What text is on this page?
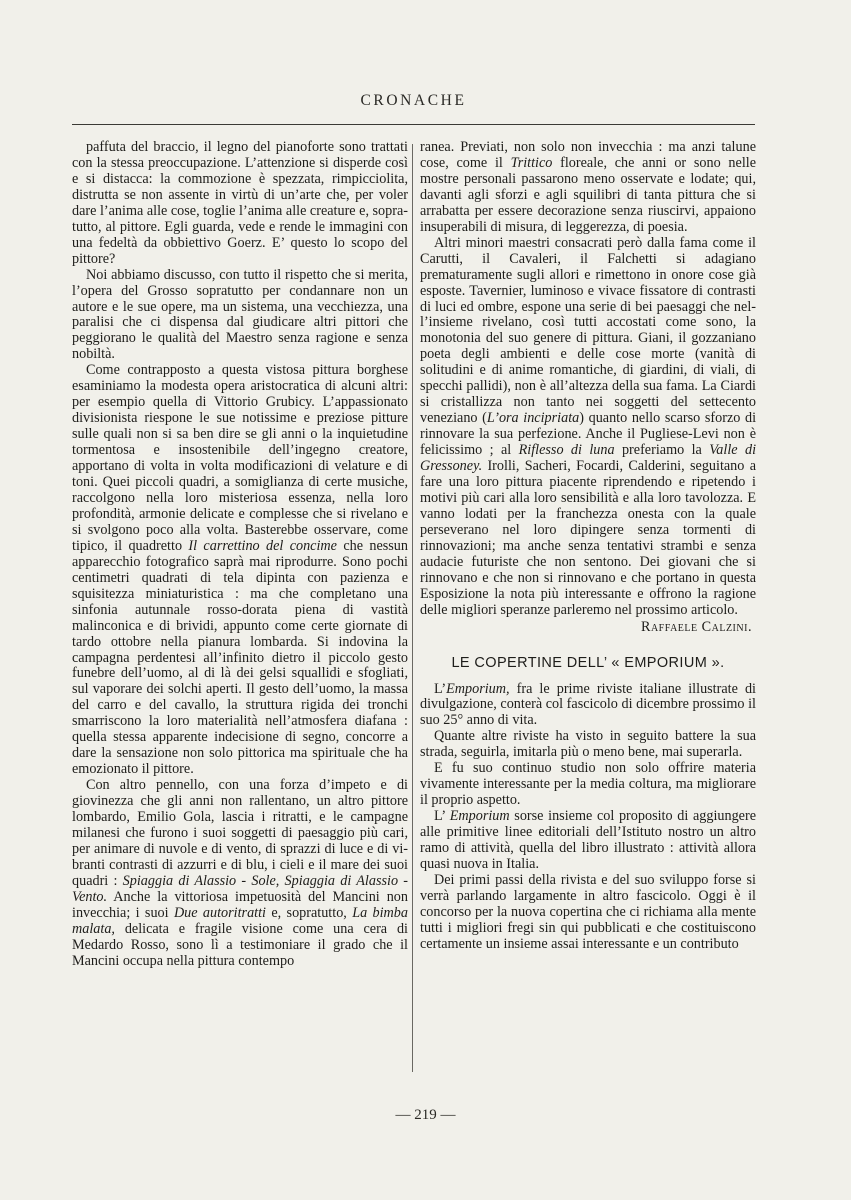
CRONACHE

paffuta del braccio, il legno del pianoforte sono trattati con la stessa preoccupazione. L’attenzione si disperde così e si distacca: la commozione è spezzata, rimpicciolita, distrutta se non assente in virtù di un’arte che, per voler dare l’anima alle cose, toglie l’anima alle creature e, sopratutto, al pittore. Egli guarda, vede e rende le immagini con una fedeltà da obbiettivo Goerz. E’ questo lo scopo del pittore?

Noi abbiamo discusso, con tutto il rispetto che si merita, l’opera del Grosso sopratutto per condannare non un autore e le sue opere, ma un sistema, una vecchiezza, una paralisi che ci dispensa dal giudicare altri pittori che peggiorano le qualità del Maestro senza ragione e senza nobiltà.

Come contrapposto a questa vistosa pittura borghese esaminiamo la modesta opera aristocratica di alcuni altri: per esempio quella di Vittorio Grubicy. L’appassionato divisionista riespone le sue notissime e preziose pitture sulle quali non si sa ben dire se gli anni o la inquietudine tormentosa e insostenibile dell’ingegno creatore, apportano di volta in volta modificazioni di velature e di toni. Quei piccoli quadri, a somiglianza di certe musiche, raccolgono nella loro misteriosa essenza, nella loro profondità, armonie delicate e complesse che si rivelano e si svolgono poco alla volta. Basterebbe osservare, come tipico, il quadretto Il carrettino del concime che nessun apparecchio fotografico saprà mai riprodurre. Sono pochi centimetri quadrati di tela dipinta con pazienza e squisitezza miniaturistica : ma che completano una sinfonia autunnale rosso-dorata piena di vastità malinconica e di brividi, appunto come certe giornate di tardo ottobre nella pianura lombarda. Si indovina la campagna perdentesi all’infinito dietro il piccolo gesto funebre dell’uomo, al di là dei gelsi squallidi e sfogliati, sul vaporare dei solchi aperti. Il gesto dell’uomo, la massa del carro e del cavallo, la struttura rigida dei tronchi smarriscono la loro materialità nell’atmosfera diafana : quella stessa apparente indecisione di segno, concorre a dare la sensazione non solo pittorica ma spirituale che ha emozionato il pittore.

Con altro pennello, con una forza d’impeto e di giovinezza che gli anni non rallentano, un altro pittore lombardo, Emilio Gola, lascia i ritratti, e le campagne milanesi che furono i suoi soggetti di paesaggio più cari, per animare di nuvole e di vento, di sprazzi di luce e di vibranti contrasti di azzurri e di blu, i cieli e il mare dei suoi quadri : Spiaggia di Alassio - Sole, Spiaggia di Alassio - Vento. Anche la vittoriosa impetuosità del Mancini non invecchia; i suoi Due autoritratti e, sopratutto, La bimba malata, delicata e fragile visione come una cera di Medardo Rosso, sono lì a testimoniare il grado che il Mancini occupa nella pittura contempo

ranea. Previati, non solo non invecchia : ma anzi talune cose, come il Trittico floreale, che anni or sono nelle mostre personali passarono meno osservate e lodate; qui, davanti agli sforzi e agli squilibri di tanta pittura che si arrabatta per essere decorazione senza riuscirvi, appaiono insuperabili di misura, di leggerezza, di poesia.

Altri minori maestri consacrati però dalla fama come il Carutti, il Cavaleri, il Falchetti si adagiano prematuramente sugli allori e rimettono in onore cose già esposte. Tavernier, luminoso e vivace fissatore di contrasti di luci ed ombre, espone una serie di bei paesaggi che nell’insieme rivelano, così tutti accostati come sono, la monotonia del suo genere di pittura. Giani, il gozzaniano poeta degli ambienti e delle cose morte (vanità di solitudini e di anime romantiche, di giardini, di viali, di specchi pallidi), non è all’altezza della sua fama. La Ciardi si cristallizza non tanto nei soggetti del settecento veneziano (L’ora incipriata) quanto nello scarso sforzo di rinnovare la sua perfezione. Anche il Pugliese-Levi non è felicissimo ; al Riflesso di luna preferiamo la Valle di Gressoney. Irolli, Sacheri, Focardi, Calderini, seguitano a fare una loro pittura piacente riprendendo e ripetendo i motivi più cari alla loro sensibilità e alla loro tavolozza. E vanno lodati per la franchezza onesta con la quale perseverano nel loro dipingere senza tormenti di rinnovazioni; ma anche senza tentativi strambi e senza audacie futuriste che non sentono. Dei giovani che si rinnovano e che non si rinnovano e che portano in questa Esposizione la nota più interessante e offrono la ragione delle migliori speranze parleremo nel prossimo articolo.

Raffaele Calzini.
LE COPERTINE DELL’ « EMPORIUM ».

L’Emporium, fra le prime riviste italiane illustrate di divulgazione, conterà col fascicolo di dicembre prossimo il suo 25° anno di vita.

Quante altre riviste ha visto in seguito battere la sua strada, seguirla, imitarla più o meno bene, mai superarla.

E fu suo continuo studio non solo offrire materia vivamente interessante per la media coltura, ma migliorare il proprio aspetto.

L’ Emporium sorse insieme col proposito di aggiungere alle primitive linee editoriali dell’Istituto nostro un altro ramo di attività, quella del libro illustrato : attività allora quasi nuova in Italia.

Dei primi passi della rivista e del suo sviluppo forse si verrà parlando largamente in altro fascicolo. Oggi è il concorso per la nuova copertina che ci richiama alla mente tutti i migliori fregi sin qui pubblicati e che costituiscono certamente un insieme assai interessante e un contributo

— 219 —
